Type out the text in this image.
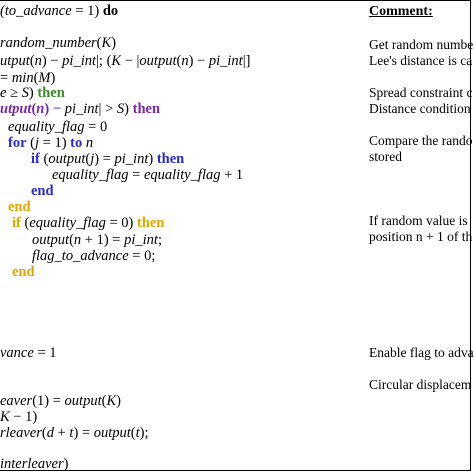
(to_advance = 1) do
random_number(K)
utput(n) − pi_int|; (K − |output(n) − pi_int|]
= min(M)
e ≥ S) then
utput(n) − pi_int| > S) then
equality_flag = 0
for (j = 1) to n
if (output(j) = pi_int) then
equality_flag = equality_flag + 1
end
end
if (equality_flag = 0) then
output(n + 1) = pi_int;
flag_to_advance = 0;
end
vance = 1
eaver(1) = output(K)
K − 1)
rleaver(d + t) = output(t);
interleaver)
Comment:
Get random numbe
Lee's distance is ca
Spread constraint c
Distance condition
Compare the rando
stored
If random value is
position n + 1 of th
Enable flag to adva
Circular displacem
